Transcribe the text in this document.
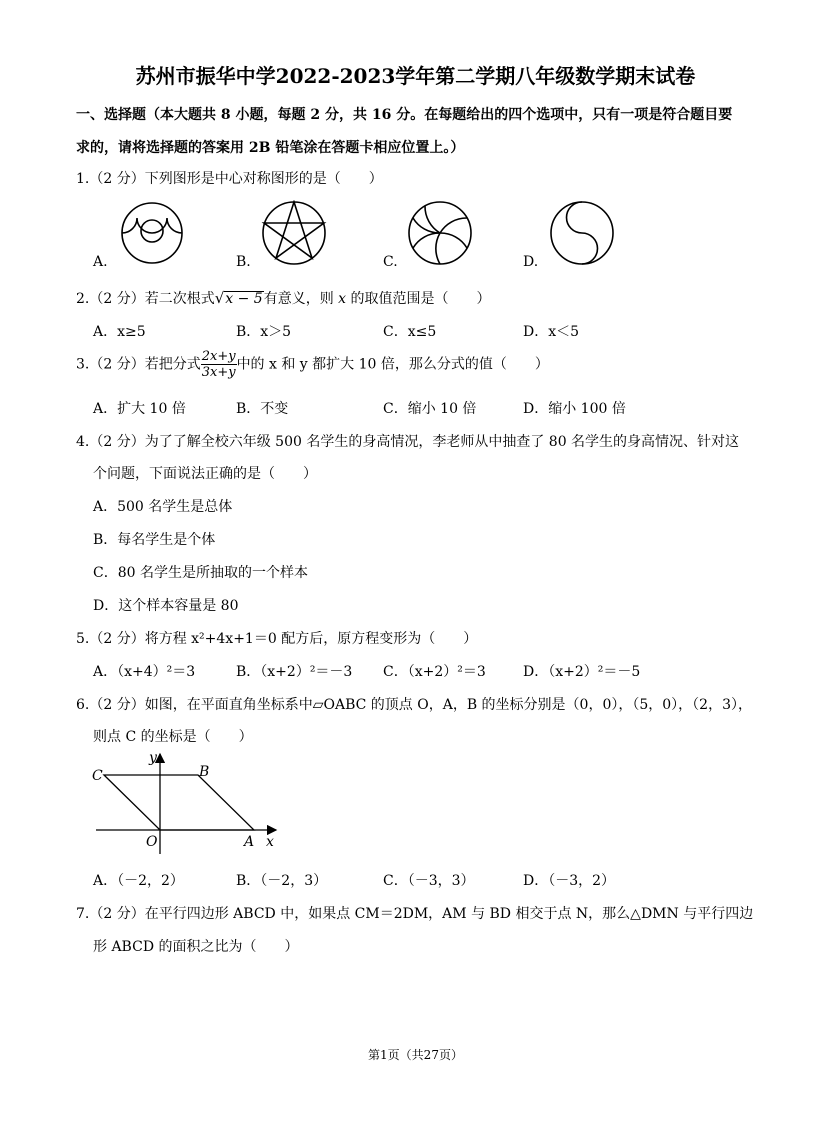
苏州市振华中学2022-2023学年第二学期八年级数学期末试卷
一、选择题（本大题共 8 小题，每题 2 分，共 16 分。在每题给出的四个选项中，只有一项是符合题目要
求的，请将选择题的答案用 2B 铅笔涂在答题卡相应位置上。）
1.（2 分）下列图形是中心对称图形的是（　　）
A.	B.	C.	D.
2.（2 分）若二次根式√x − 5有意义，则 x 的取值范围是（　　）
A．x≥5	B．x＞5	C．x≤5	D．x＜5
3.（2 分）若把分式 $\frac{2x+y}{3x+y}$ 中的 x 和 y 都扩大 10 倍，那么分式的值（　　）
A．扩大 10 倍	B．不变	C．缩小 10 倍	D．缩小 100 倍
4.（2 分）为了了解全校六年级 500 名学生的身高情况，李老师从中抽查了 80 名学生的身高情况、针对这
个问题，下面说法正确的是（　　）
A．500 名学生是总体
B．每名学生是个体
C．80 名学生是所抽取的一个样本
D．这个样本容量是 80
5.（2 分）将方程 x²+4x+1＝0 配方后，原方程变形为（　　）
A．（x+4）²＝3	B．（x+2）²＝－3 C．（x+2）²＝3	D．（x+2）²＝－5
6.（2 分）如图，在平面直角坐标系中▱OABC 的顶点 O，A，B 的坐标分别是（0，0），（5，0），（2，3），
则点 C 的坐标是（　　）
C	B
O	A x
y
A．（－2，2）	B．（－2，3）	C．（－3，3）	D．（－3，2）
7.（2 分）在平行四边形 ABCD 中，如果点 CM＝2DM，AM 与 BD 相交于点 N，那么△DMN 与平行四边
形 ABCD 的面积之比为（　　）
第1页（共27页）
